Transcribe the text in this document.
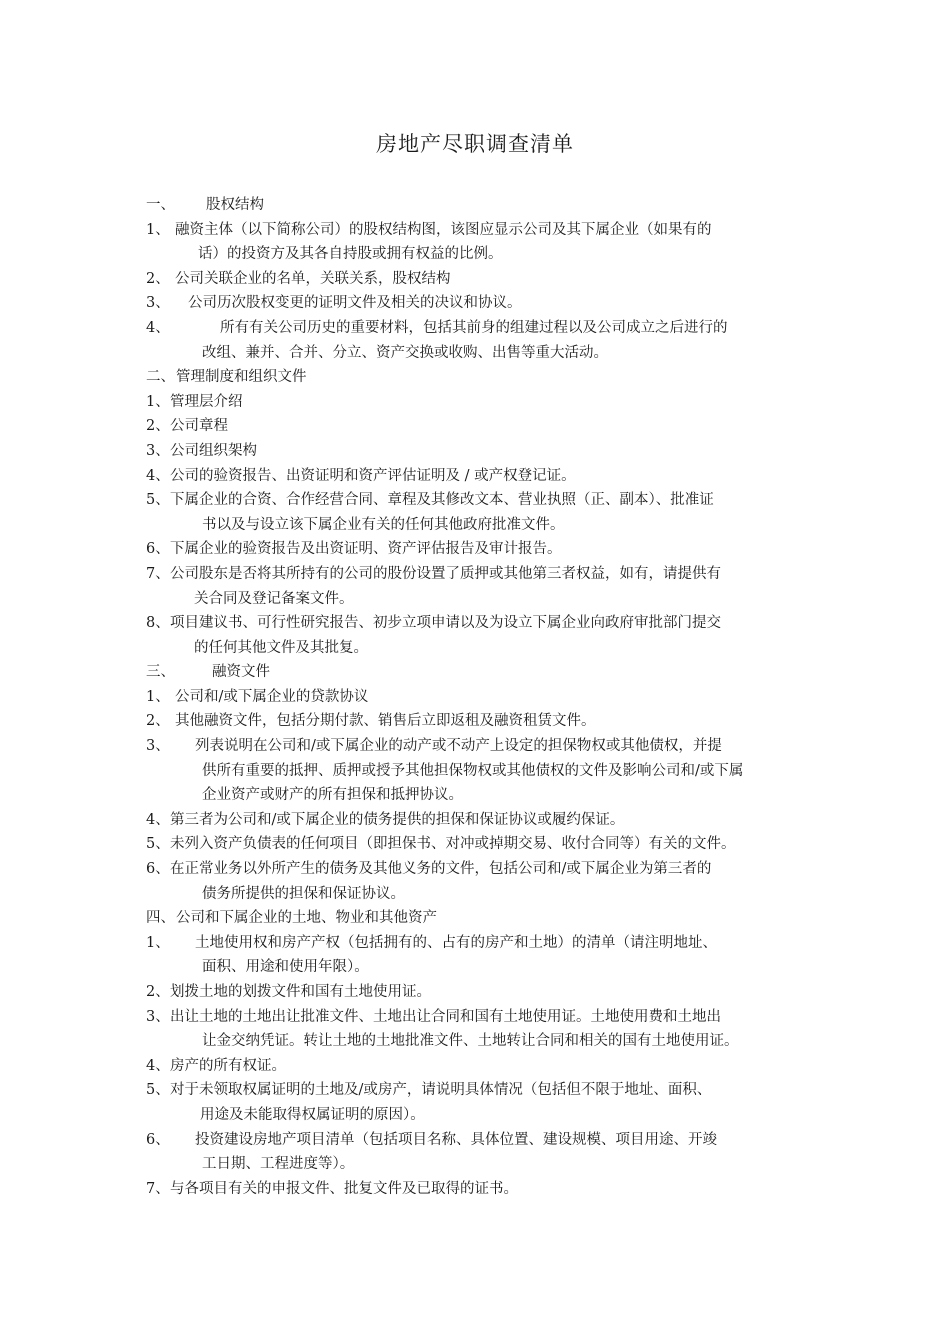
房地产尽职调查清单
一、 股权结构
1、 融资主体（以下简称公司）的股权结构图，该图应显示公司及其下属企业（如果有的
话）的投资方及其各自持股或拥有权益的比例。
2、 公司关联企业的名单，关联关系，股权结构
3、 公司历次股权变更的证明文件及相关的决议和协议。
4、	所有有关公司历史的重要材料，包括其前身的组建过程以及公司成立之后进行的
改组、兼并、合并、分立、资产交换或收购、出售等重大活动。
二、管理制度和组织文件
1、管理层介绍
2、公司章程
3、公司组织架构
4、公司的验资报告、出资证明和资产评估证明及 / 或产权登记证。
5、下属企业的合资、合作经营合同、章程及其修改文本、营业执照（正、副本）、批准证
书以及与设立该下属企业有关的任何其他政府批准文件。
6、下属企业的验资报告及出资证明、资产评估报告及审计报告。
7、公司股东是否将其所持有的公司的股份设置了质押或其他第三者权益，如有，请提供有
关合同及登记备案文件。
8、项目建议书、可行性研究报告、初步立项申请以及为设立下属企业向政府审批部门提交
的任何其他文件及其批复。
三、	融资文件
1、 公司和/或下属企业的贷款协议
2、 其他融资文件，包括分期付款、销售后立即返租及融资租赁文件。
3、 列表说明在公司和/或下属企业的动产或不动产上设定的担保物权或其他债权，并提
供所有重要的抵押、质押或授予其他担保物权或其他债权的文件及影响公司和/或下属
企业资产或财产的所有担保和抵押协议。
4、第三者为公司和/或下属企业的债务提供的担保和保证协议或履约保证。
5、未列入资产负债表的任何项目（即担保书、对冲或掉期交易、收付合同等）有关的文件。
6、在正常业务以外所产生的债务及其他义务的文件，包括公司和/或下属企业为第三者的
债务所提供的担保和保证协议。
四、公司和下属企业的土地、物业和其他资产
1、 土地使用权和房产产权（包括拥有的、占有的房产和土地）的清单（请注明地址、
面积、用途和使用年限）。
2、划拨土地的划拨文件和国有土地使用证。
3、出让土地的土地出让批准文件、土地出让合同和国有土地使用证。土地使用费和土地出
让金交纳凭证。转让土地的土地批准文件、土地转让合同和相关的国有土地使用证。
4、房产的所有权证。
5、对于未领取权属证明的土地及/或房产，请说明具体情况（包括但不限于地址、面积、
用途及未能取得权属证明的原因）。
6、 投资建设房地产项目清单（包括项目名称、具体位置、建设规模、项目用途、开竣
工日期、工程进度等）。
7、与各项目有关的申报文件、批复文件及已取得的证书。
